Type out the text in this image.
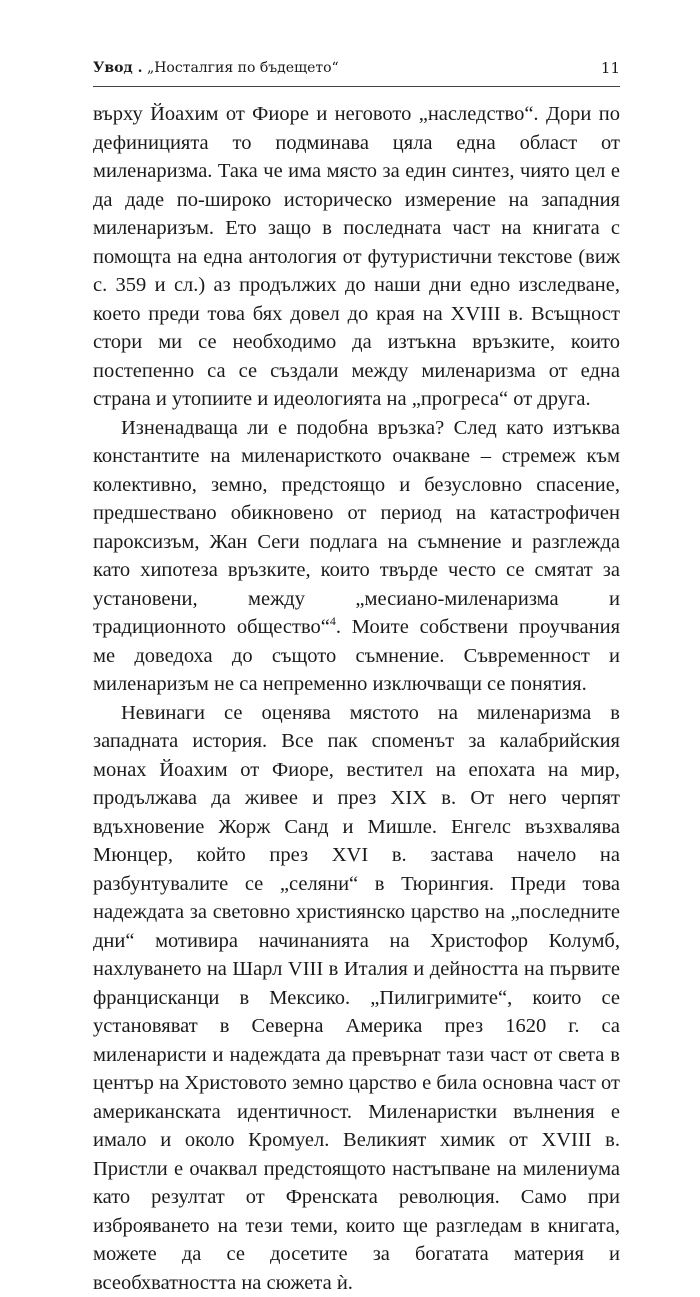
Увод . „Носталгия по бъдещето“	11

върху Йоахим от Фиоре и неговото „наследство“. Дори по дефиницията то подминава цяла една област от миленаризма. Така че има място за един синтез, чиято цел е да даде по-широко историческо измерение на западния миленаризъм. Ето защо в последната част на книгата с помощта на една антология от футуристични текстове (виж с. 359 и сл.) аз продължих до наши дни едно изследване, което преди това бях довел до края на XVIII в. Всъщност стори ми се необходимо да изтъкна връзките, които постепенно са се създали между миленаризма от една страна и утопиите и идеологията на „прогреса“ от друга.

Изненадваща ли е подобна връзка? След като изтъква константите на миленаристкото очакване – стремеж към колективно, земно, предстоящо и безусловно спасение, предшествано обикновено от период на катастрофичен пароксизъм, Жан Сеги подлага на съмнение и разглежда като хипотеза връзките, които твърде често се смятат за установени, между „месиано-миленаризма и традиционното общество“$^4$. Моите собствени проучвания ме доведоха до същото съмнение. Съвременност и миленаризъм не са непременно изключващи се понятия.

Невинаги се оценява мястото на миленаризма в западната история. Все пак споменът за калабрийския монах Йоахим от Фиоре, вестител на епохата на мир, продължава да живее и през XIX в. От него черпят вдъхновение Жорж Санд и Мишле. Енгелс възхвалява Мюнцер, който през XVI в. застава начело на разбунтувалите се „селяни“ в Тюрингия. Преди това надеждата за световно християнско царство на „последните дни“ мотивира начинанията на Христофор Колумб, нахлуването на Шарл VIII в Италия и дейността на първите францисканци в Мексико. „Пилигримите“, които се установяват в Северна Америка през 1620 г. са миленаристи и надеждата да превърнат тази част от света в център на Христовото земно царство е била основна част от американската идентичност. Миленаристки вълнения е имало и около Кромуел. Великият химик от XVIII в. Пристли е очаквал предстоящото настъпване на милениума като резултат от Френската революция. Само при изброяването на тези теми, които ще разгледам в книгата, можете да се досетите за богатата материя и всеобхватността на сюжета ѝ.
